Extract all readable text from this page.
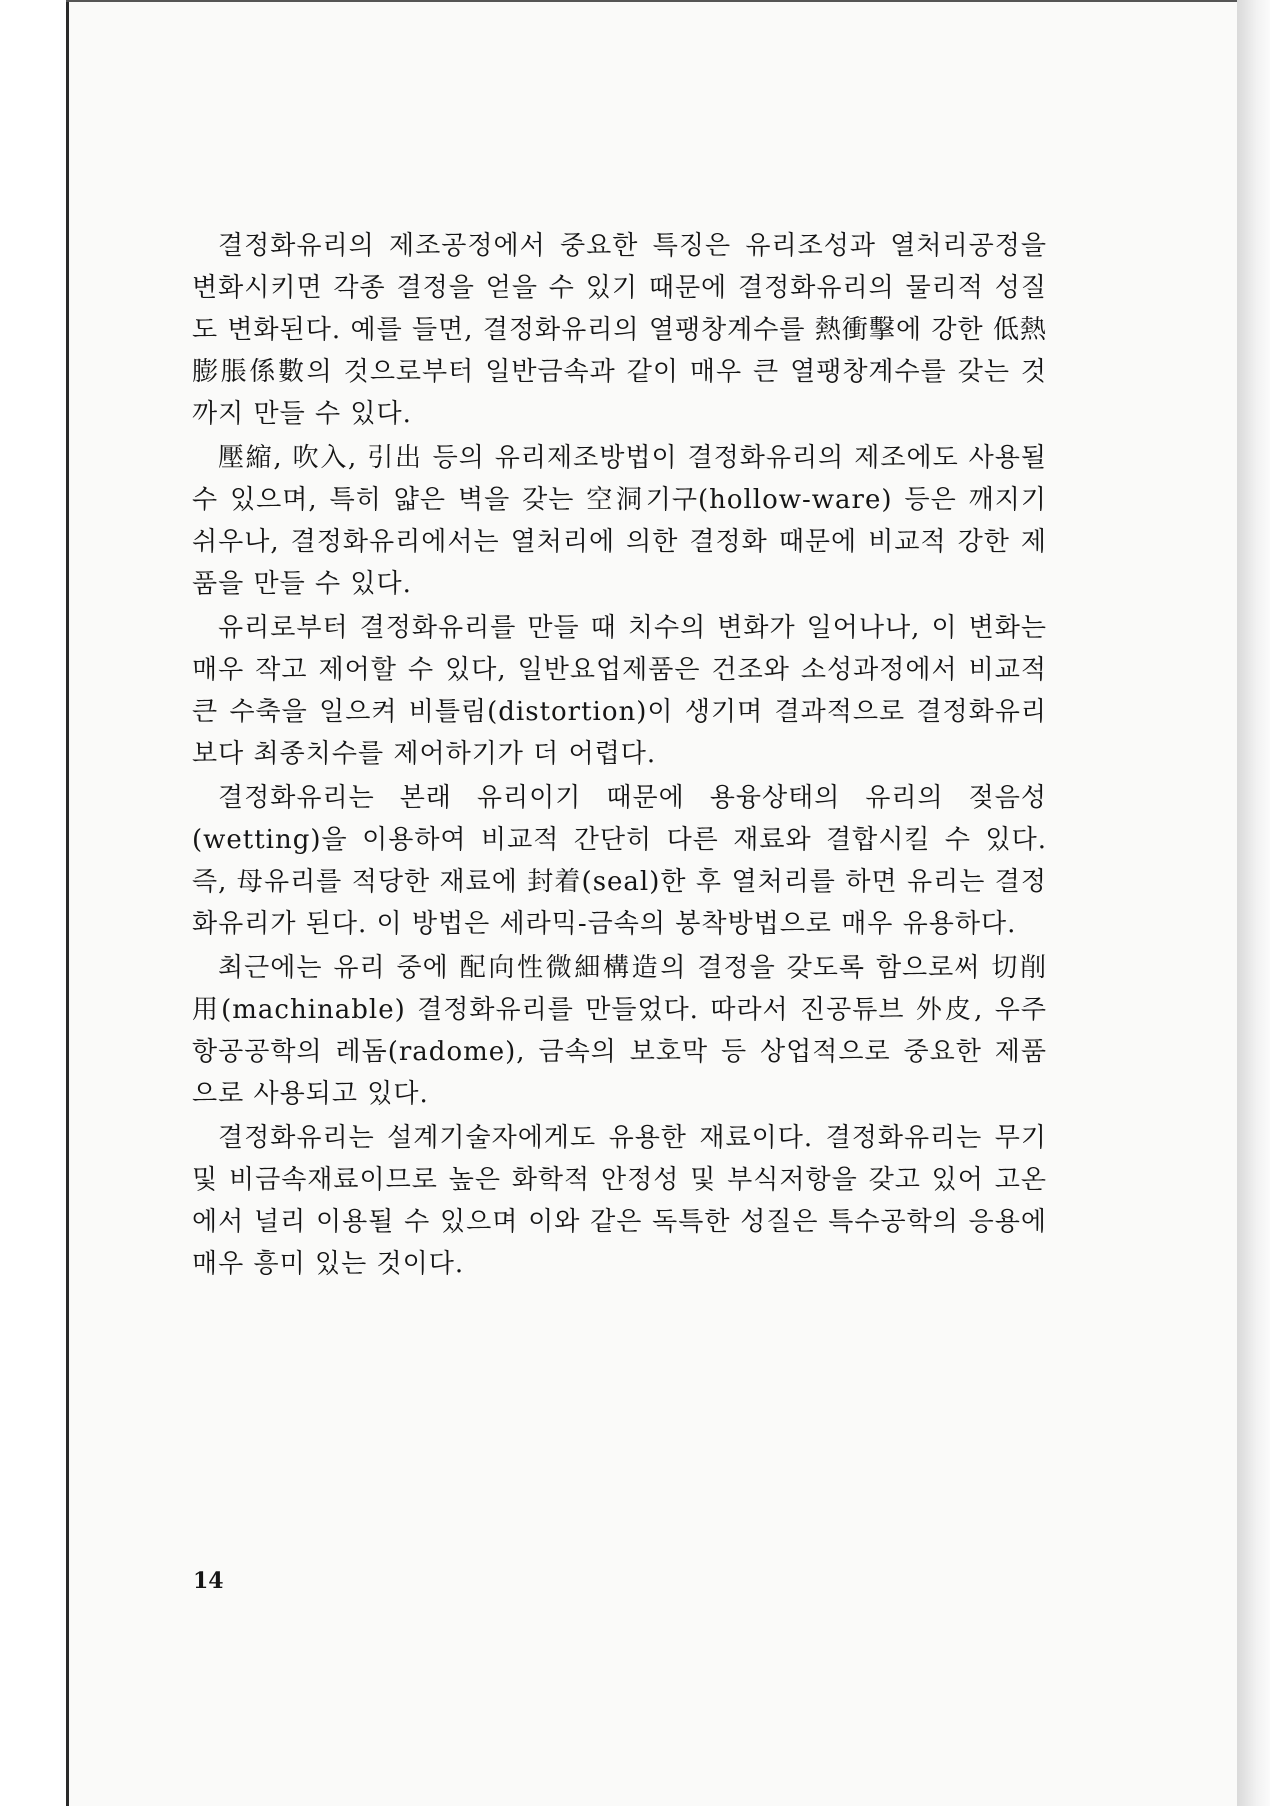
결정화유리의 제조공정에서 중요한 특징은 유리조성과 열처리공정을 변화시키면 각종 결정을 얻을 수 있기 때문에 결정화유리의 물리적 성질도 변화된다. 예를 들면, 결정화유리의 열팽창계수를 熱衝擊에 강한 低熱膨脹係數의 것으로부터 일반금속과 같이 매우 큰 열팽창계수를 갖는 것까지 만들 수 있다.

壓縮, 吹入, 引出 등의 유리제조방법이 결정화유리의 제조에도 사용될 수 있으며, 특히 얇은 벽을 갖는 空洞기구(hollow-ware) 등은 깨지기 쉬우나, 결정화유리에서는 열처리에 의한 결정화 때문에 비교적 강한 제품을 만들 수 있다.

유리로부터 결정화유리를 만들 때 치수의 변화가 일어나나, 이 변화는 매우 작고 제어할 수 있다, 일반요업제품은 건조와 소성과정에서 비교적 큰 수축을 일으켜 비틀림(distortion)이 생기며 결과적으로 결정화유리보다 최종치수를 제어하기가 더 어렵다.

결정화유리는 본래 유리이기 때문에 용융상태의 유리의 젖음성(wetting)을 이용하여 비교적 간단히 다른 재료와 결합시킬 수 있다. 즉, 母유리를 적당한 재료에 封着(seal)한 후 열처리를 하면 유리는 결정화유리가 된다. 이 방법은 세라믹-금속의 봉착방법으로 매우 유용하다.

최근에는 유리 중에 配向性微細構造의 결정을 갖도록 함으로써 切削用(machinable) 결정화유리를 만들었다. 따라서 진공튜브 外皮, 우주항공공학의 레돔(radome), 금속의 보호막 등 상업적으로 중요한 제품으로 사용되고 있다.

결정화유리는 설계기술자에게도 유용한 재료이다. 결정화유리는 무기 및 비금속재료이므로 높은 화학적 안정성 및 부식저항을 갖고 있어 고온에서 널리 이용될 수 있으며 이와 같은 독특한 성질은 특수공학의 응용에 매우 흥미 있는 것이다.

14
